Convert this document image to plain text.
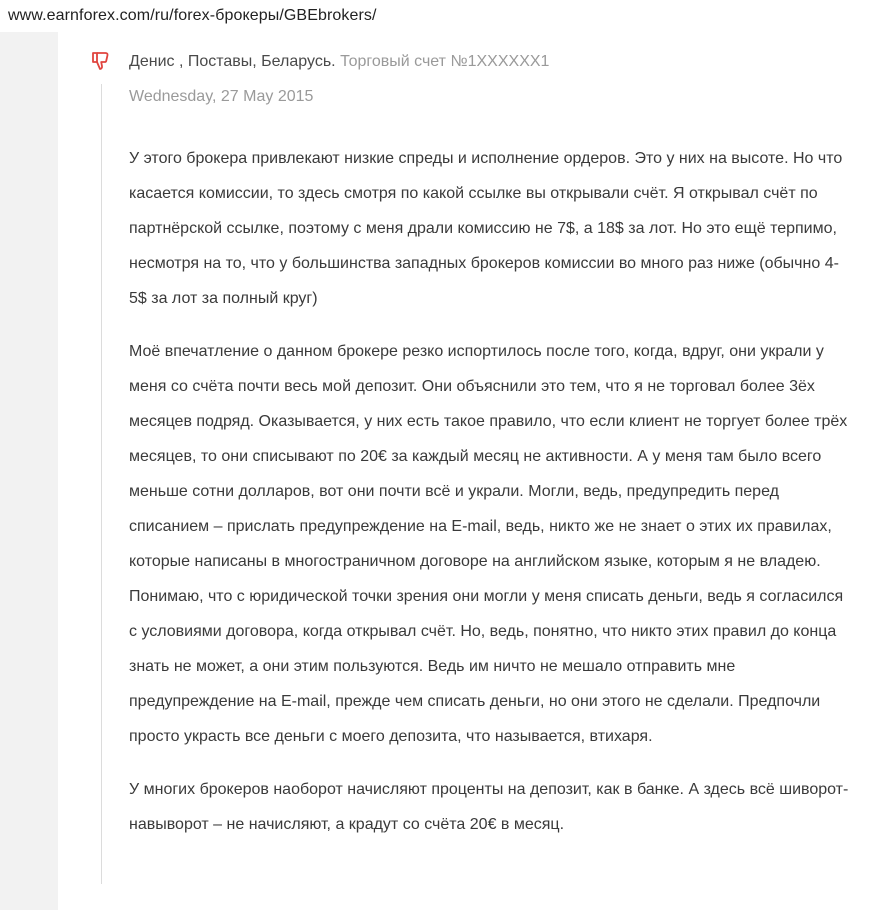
www.earnforex.com/ru/forex-брокеры/GBEbrokers/
Денис , Поставы, Беларусь. Торговый счет №1XXXXXX1
Wednesday, 27 May 2015

У этого брокера привлекают низкие спреды и исполнение ордеров. Это у них на высоте. Но что касается комиссии, то здесь смотря по какой ссылке вы открывали счёт. Я открывал счёт по партнёрской ссылке, поэтому с меня драли комиссию не 7$, а 18$ за лот. Но это ещё терпимо, несмотря на то, что у большинства западных брокеров комиссии во много раз ниже (обычно 4-5$ за лот за полный круг)

Моё впечатление о данном брокере резко испортилось после того, когда, вдруг, они украли у меня со счёта почти весь мой депозит. Они объяснили это тем, что я не торговал более 3ёх месяцев подряд. Оказывается, у них есть такое правило, что если клиент не торгует более трёх месяцев, то они списывают по 20€ за каждый месяц не активности. А у меня там было всего меньше сотни долларов, вот они почти всё и украли. Могли, ведь, предупредить перед списанием – прислать предупреждение на E-mail, ведь, никто же не знает о этих их правилах, которые написаны в многостраничном договоре на английском языке, которым я не владею. Понимаю, что с юридической точки зрения они могли у меня списать деньги, ведь я согласился с условиями договора, когда открывал счёт. Но, ведь, понятно, что никто этих правил до конца знать не может, а они этим пользуются. Ведь им ничто не мешало отправить мне предупреждение на E-mail, прежде чем списать деньги, но они этого не сделали. Предпочли просто украсть все деньги с моего депозита, что называется, втихаря.

У многих брокеров наоборот начисляют проценты на депозит, как в банке. А здесь всё шиворот-навыворот – не начисляют, а крадут со счёта 20€ в месяц.
